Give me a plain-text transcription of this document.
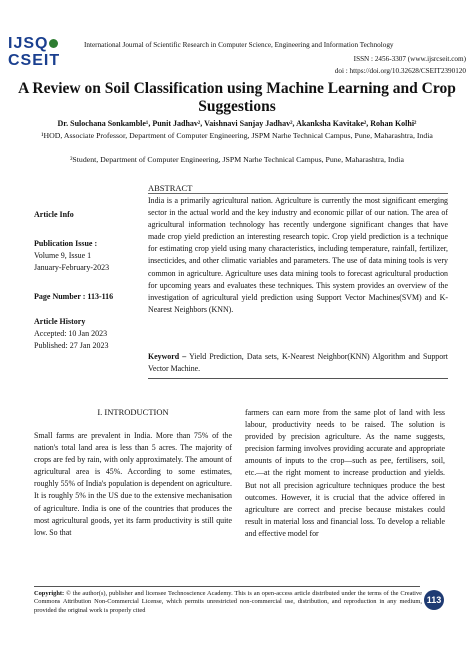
IJSQ
CSEIT
International Journal of Scientific Research in Computer Science, Engineering and Information Technology
ISSN : 2456-3307 (www.ijsrcseit.com)
doi : https://doi.org/10.32628/CSEIT2390120
A Review on Soil Classification using Machine Learning and Crop Suggestions
Dr. Sulochana Sonkamble¹, Punit Jadhav², Vaishnavi Sanjay Jadhav², Akanksha Kavitake², Rohan Kolhi²
¹HOD, Associate Professor, Department of Computer Engineering, JSPM Narhe Technical Campus, Pune, Maharashtra, India
²Student, Department of Computer Engineering, JSPM Narhe Technical Campus, Pune, Maharashtra, India
Article Info
Publication Issue :
Volume 9, Issue 1
January-February-2023
Page Number : 113-116
Article History
Accepted: 10 Jan 2023
Published: 27 Jan 2023
ABSTRACT
India is a primarily agricultural nation. Agriculture is currently the most significant emerging sector in the actual world and the key industry and economic pillar of our nation. The area of agricultural information technology has recently undergone significant changes that have made crop yield prediction an interesting research topic. Crop yield prediction is a technique for estimating crop yield using many characteristics, including temperature, rainfall, fertilizer, insecticides, and other climatic variables and parameters. The use of data mining tools is very common in agriculture. Agriculture uses data mining tools to forecast agricultural production for upcoming years and evaluates these techniques. This system provides an overview of the investigation of agricultural yield prediction using Support Vector Machines(SVM) and K-Nearest Neighbors (KNN).
Keyword – Yield Prediction, Data sets, K-Nearest Neighbor(KNN) Algorithm and Support Vector Machine.
I. INTRODUCTION
Small farms are prevalent in India. More than 75% of the nation's total land area is less than 5 acres. The majority of crops are fed by rain, with only approximately. The amount of agricultural area is 45%. According to some estimates, roughly 55% of India's population is dependent on agriculture. It is roughly 5% in the US due to the extensive mechanisation of agriculture. India is one of the countries that produces the most agricultural goods, yet its farm productivity is still quite low. So that
farmers can earn more from the same plot of land with less labour, productivity needs to be raised. The solution is provided by precision agriculture. As the name suggests, precision farming involves providing accurate and appropriate amounts of inputs to the crop—such as pee, fertilisers, soil, etc.—at the right moment to increase production and yields. But not all precision agriculture techniques produce the best outcomes. However, it is crucial that the advice offered in agriculture are correct and precise because mistakes could result in material loss and financial loss. To develop a reliable and effective model for
Copyright: © the author(s), publisher and licensee Technoscience Academy. This is an open-access article distributed under the terms of the Creative Commons Attribution Non-Commercial License, which permits unrestricted non-commercial use, distribution, and reproduction in any medium, provided the original work is properly cited
113
